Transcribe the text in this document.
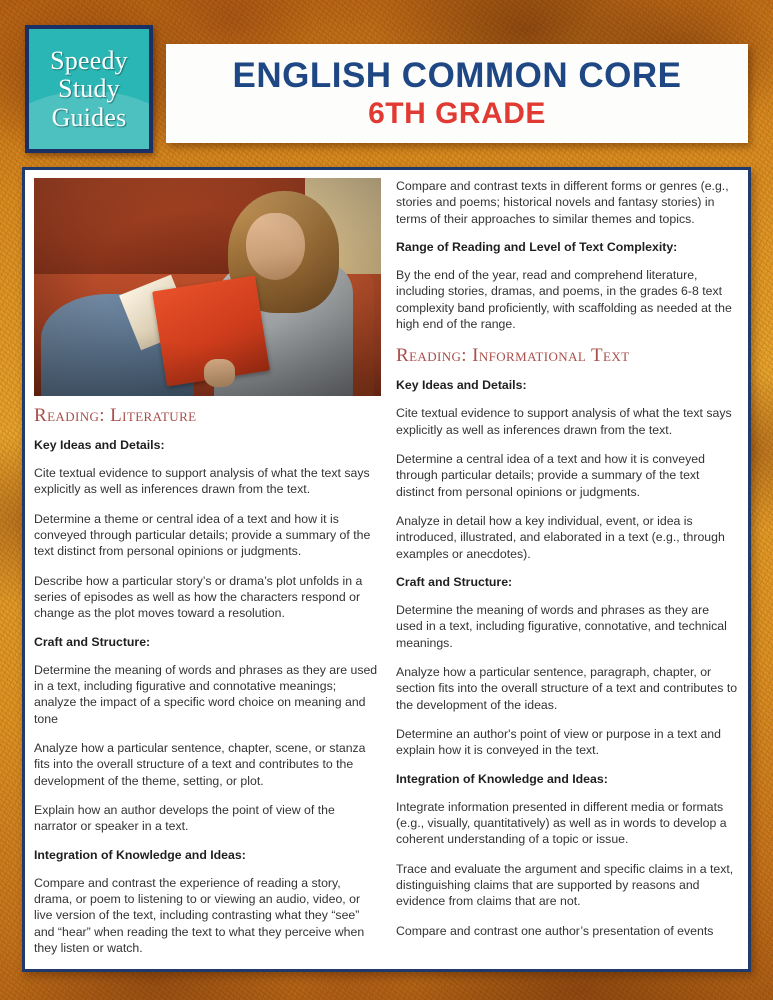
Speedy
Study
Guides
ENGLISH COMMON CORE
6TH GRADE
Reading: Literature
Key Ideas and Details:
Cite textual evidence to support analysis of what the text says explicitly as well as inferences drawn from the text.
Determine a theme or central idea of a text and how it is conveyed through particular details; provide a summary of the text distinct from personal opinions or judgments.
Describe how a particular story’s or drama’s plot unfolds in a series of episodes as well as how the characters respond or change as the plot moves toward a resolution.
Craft and Structure:
Determine the meaning of words and phrases as they are used in a text, including figurative and connotative meanings; analyze the impact of a specific word choice on meaning and tone
Analyze how a particular sentence, chapter, scene, or stanza fits into the overall structure of a text and contributes to the development of the theme, setting, or plot.
Explain how an author develops the point of view of the narrator or speaker in a text.
Integration of Knowledge and Ideas:
Compare and contrast the experience of reading a story, drama, or poem to listening to or viewing an audio, video, or live version of the text, including contrasting what they “see” and “hear” when reading the text to what they perceive when they listen or watch.
Compare and contrast texts in different forms or genres (e.g., stories and poems; historical novels and fantasy stories) in terms of their approaches to similar themes and topics.
Range of Reading and Level of Text Complexity:
By the end of the year, read and comprehend literature, including stories, dramas, and poems, in the grades 6-8 text complexity band proficiently, with scaffolding as needed at the high end of the range.
Reading: Informational Text
Key Ideas and Details:
Cite textual evidence to support analysis of what the text says explicitly as well as inferences drawn from the text.
Determine a central idea of a text and how it is conveyed through particular details; provide a summary of the text distinct from personal opinions or judgments.
Analyze in detail how a key individual, event, or idea is introduced, illustrated, and elaborated in a text (e.g., through examples or anecdotes).
Craft and Structure:
Determine the meaning of words and phrases as they are used in a text, including figurative, connotative, and technical meanings.
Analyze how a particular sentence, paragraph, chapter, or section fits into the overall structure of a text and contributes to the development of the ideas.
Determine an author's point of view or purpose in a text and explain how it is conveyed in the text.
Integration of Knowledge and Ideas:
Integrate information presented in different media or formats (e.g., visually, quantitatively) as well as in words to develop a coherent understanding of a topic or issue.
Trace and evaluate the argument and specific claims in a text, distinguishing claims that are supported by reasons and evidence from claims that are not.
Compare and contrast one author’s presentation of events
